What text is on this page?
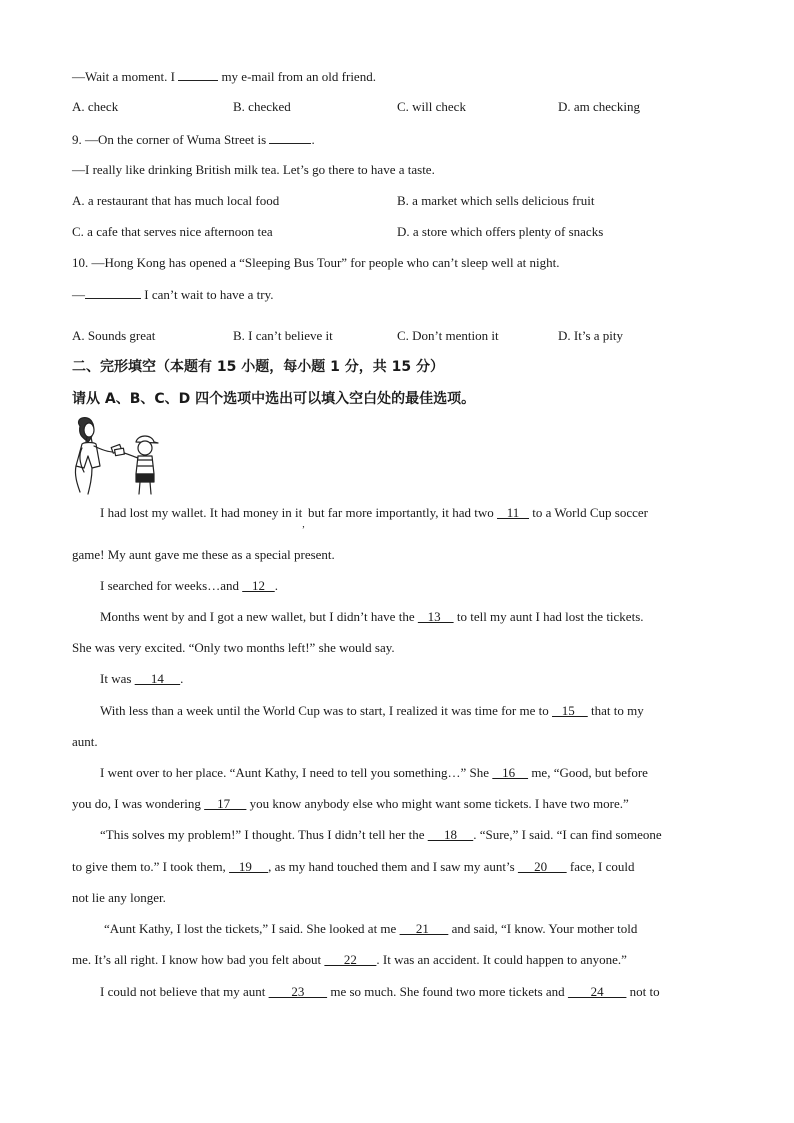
—Wait a moment. I	my e-mail from an old friend.
A. check	B. checked	C. will check	D. am checking
9. —On the corner of Wuma Street is	.
—I really like drinking British milk tea. Let’s go there to have a taste.
A. a restaurant that has much local food	B. a market which sells delicious fruit
C. a cafe that serves nice afternoon tea	D. a store which offers plenty of snacks
10. —Hong Kong has opened a “Sleeping Bus Tour” for people who can’t sleep well at night.
—	I can’t wait to have a try.
A. Sounds great	B. I can’t believe it	C. Don’t mention it	D. It’s a pity
二、完形填空（本题有 15 小题，每小题 1 分，共 15 分）
请从 A、B、C、D 四个选项中选出可以填入空白处的最佳选项。
I had lost my wallet. It had money in $it_,$ but far more importantly, it had two    11    to a World Cup soccer
game! My aunt gave me these as a special present.
I searched for weeks…and    12   .
Months went by and I got a new wallet, but I didn’t have the    13     to tell my aunt I had lost the tickets.
She was very excited. “Only two months left!” she would say.
It was      14     .
With less than a week until the World Cup was to start, I realized it was time for me to    15     that to my
aunt.
I went over to her place. “Aunt Kathy, I need to tell you something…” She    16     me, “Good, but before
you do, I was wondering     17      you know anybody else who might want some tickets. I have two more.”
“This solves my problem!” I thought. Thus I didn’t tell her the      18     . “Sure,” I said. “I can find someone
to give them to.” I took them,    19     , as my hand touched them and I saw my aunt’s      20       face, I could
not lie any longer.
“Aunt Kathy, I lost the tickets,” I said. She looked at me      21       and said, “I know. Your mother told
me. It’s all right. I know how bad you felt about       22      . It was an accident. It could happen to anyone.”
I could not believe that my aunt        23        me so much. She found two more tickets and        24        not to
